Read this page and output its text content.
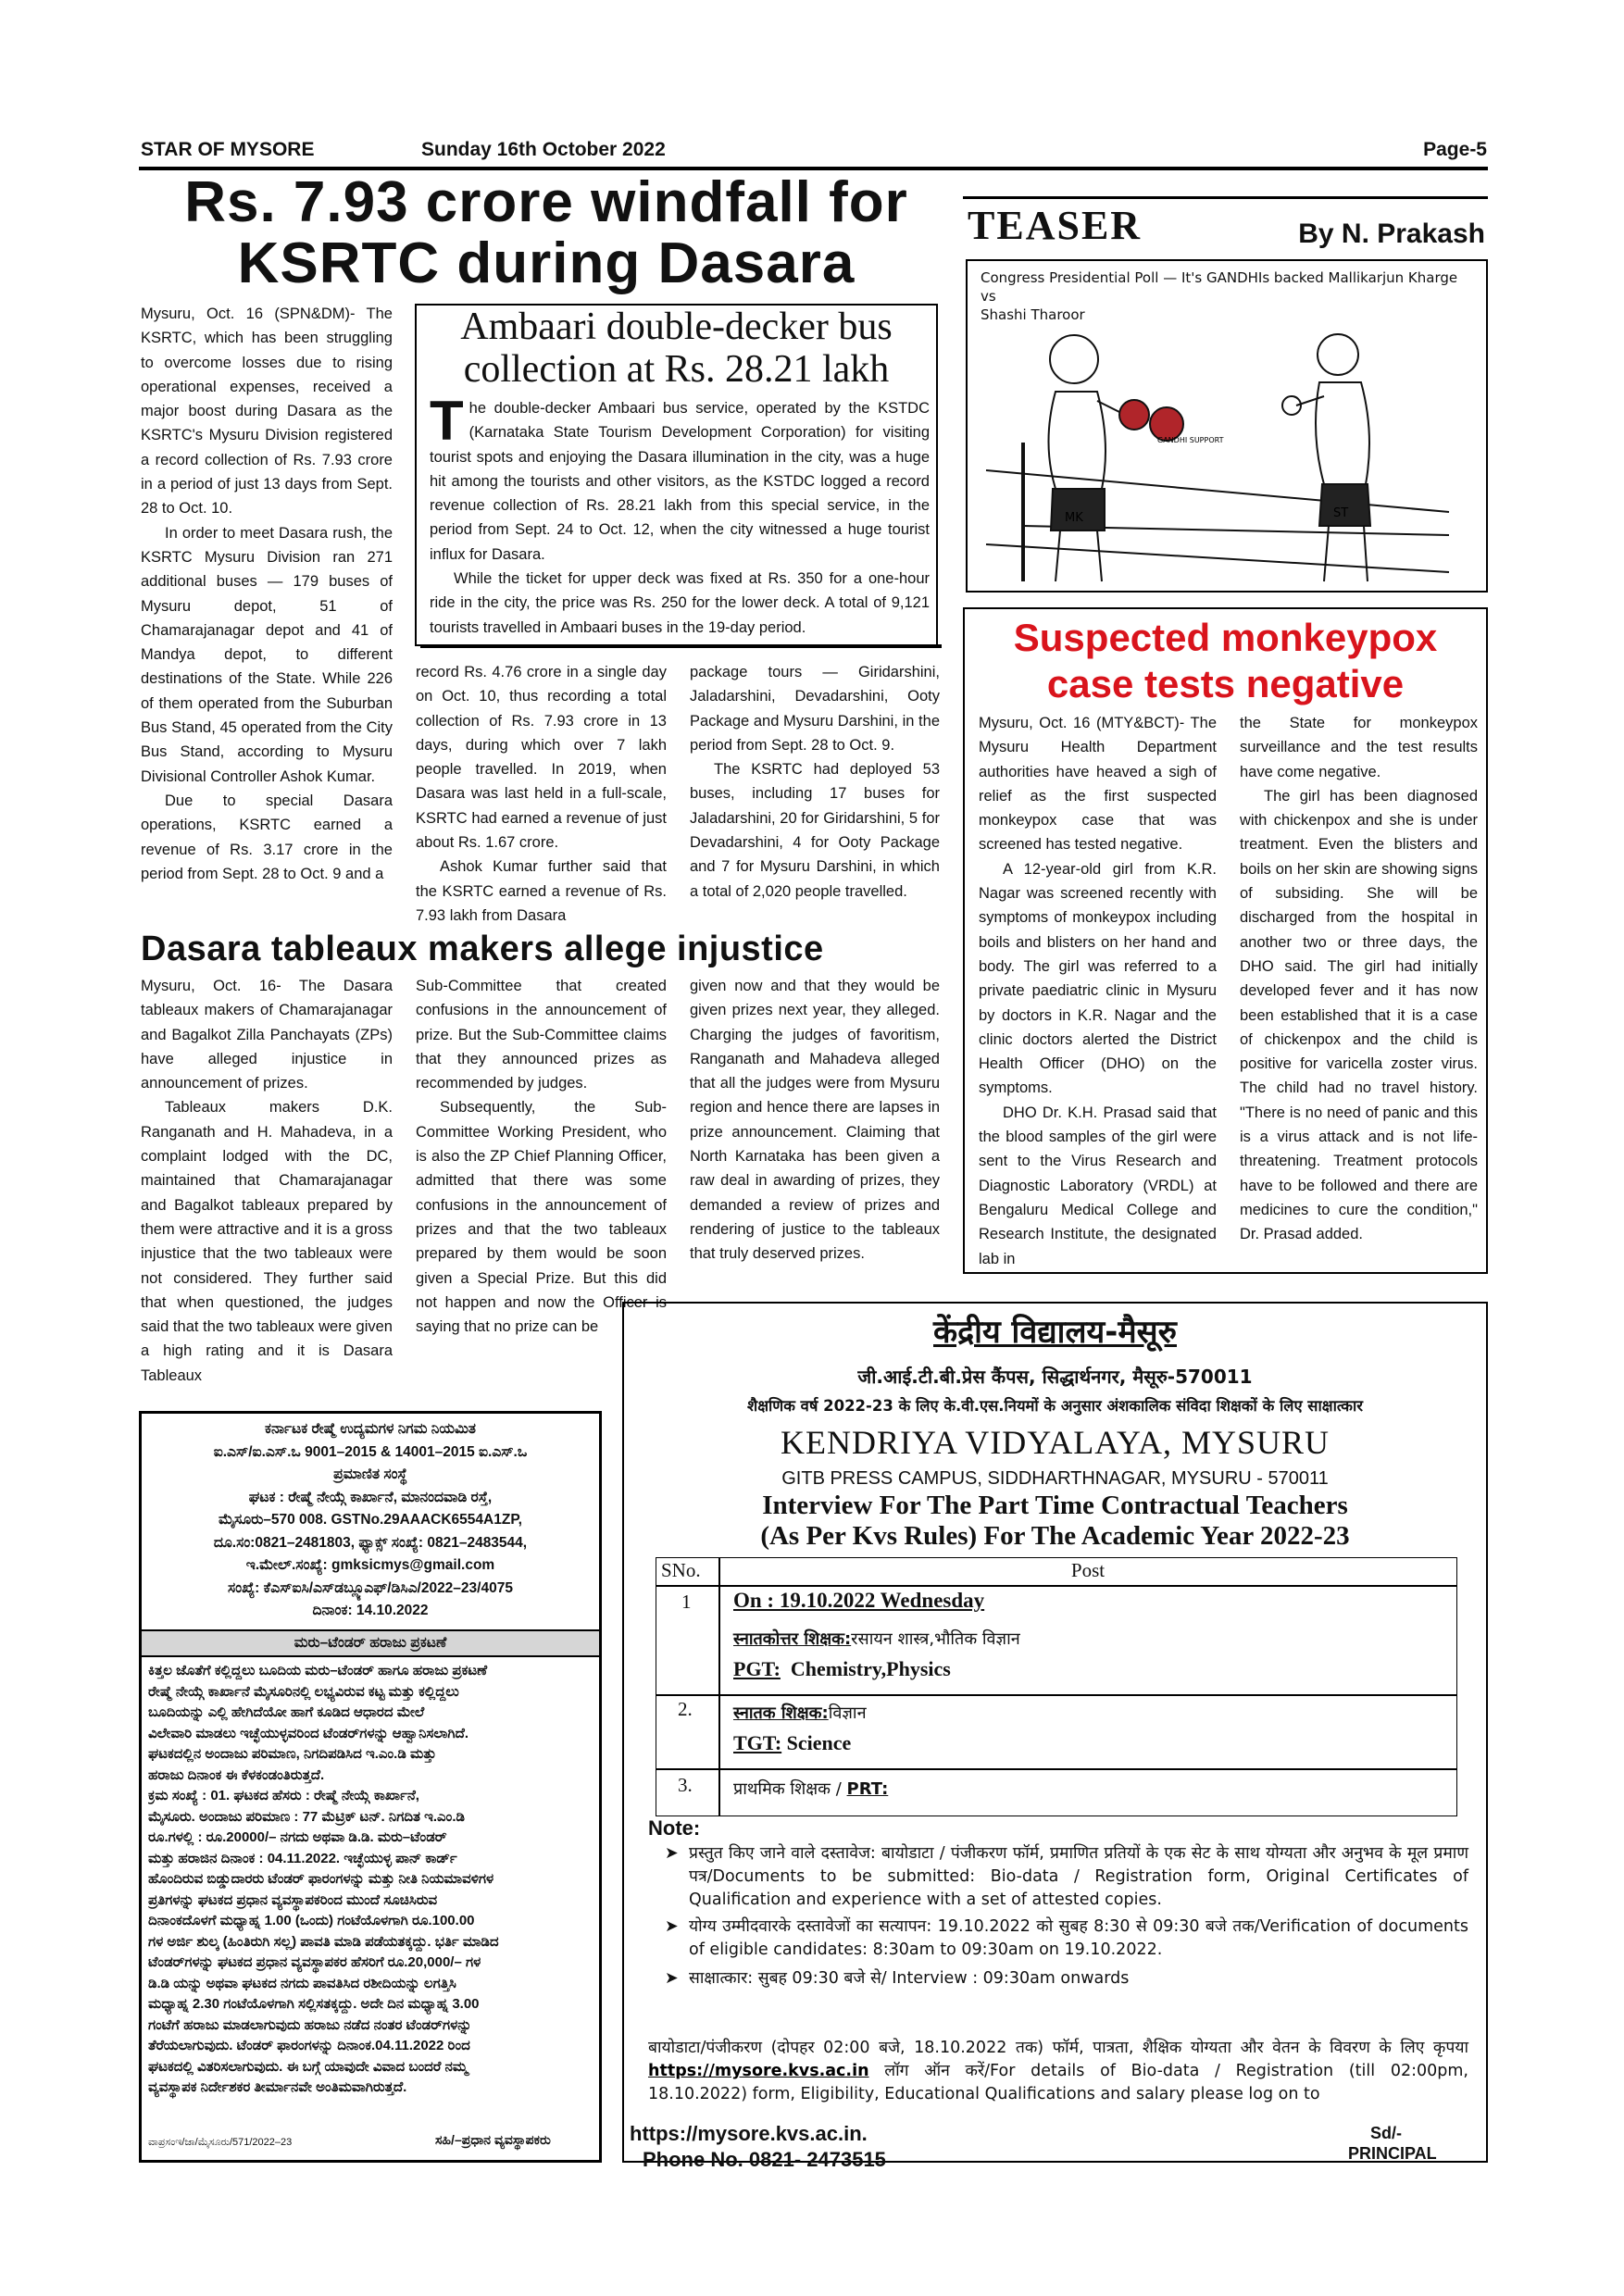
STAR OF MYSORE	Sunday 16th October 2022	Page-5
Rs. 7.93 crore windfall for
KSRTC during Dasara

Mysuru, Oct. 16 (SPN&DM)- The KSRTC, which has been struggling to overcome losses due to rising operational expenses, received a major boost during Dasara as the KSRTC's Mysuru Division registered a record collection of Rs. 7.93 crore in a period of just 13 days from Sept. 28 to Oct. 10.

In order to meet Dasara rush, the KSRTC Mysuru Division ran 271 additional buses — 179 buses of Mysuru depot, 51 of Chamarajanagar depot and 41 of Mandya depot, to different destinations of the State. While 226 of them operated from the Suburban Bus Stand, 45 operated from the City Bus Stand, according to Mysuru Divisional Controller Ashok Kumar.

Due to special Dasara operations, KSRTC earned a revenue of Rs. 3.17 crore in the period from Sept. 28 to Oct. 9 and a

Ambaari double-decker bus
collection at Rs. 28.21 lakh

The double-decker Ambaari bus service, operated by the KSTDC (Karnataka State Tourism Development Corporation) for visiting tourist spots and enjoying the Dasara illumination in the city, was a huge hit among the tourists and other visitors, as the KSTDC logged a record revenue collection of Rs. 28.21 lakh from this special service, in the period from Sept. 24 to Oct. 12, when the city witnessed a huge tourist influx for Dasara.

While the ticket for upper deck was fixed at Rs. 350 for a one-hour ride in the city, the price was Rs. 250 for the lower deck. A total of 9,121 tourists travelled in Ambaari buses in the 19-day period.

record Rs. 4.76 crore in a single day on Oct. 10, thus recording a total collection of Rs. 7.93 crore in 13 days, during which over 7 lakh people travelled. In 2019, when Dasara was last held in a full-scale, KSRTC had earned a revenue of just about Rs. 1.67 crore.

Ashok Kumar further said that the KSRTC earned a revenue of Rs. 7.93 lakh from Dasara

package tours — Giridarshini, Jaladarshini, Devadarshini, Ooty Package and Mysuru Darshini, in the period from Sept. 28 to Oct. 9.

The KSRTC had deployed 53 buses, including 17 buses for Jaladarshini, 20 for Giridarshini, 5 for Devadarshini, 4 for Ooty Package and 7 for Mysuru Darshini, in which a total of 2,020 people travelled.

Dasara tableaux makers allege injustice

Mysuru, Oct. 16- The Dasara tableaux makers of Chamarajanagar and Bagalkot Zilla Panchayats (ZPs) have alleged injustice in announcement of prizes.

Tableaux makers D.K. Ranganath and H. Mahadeva, in a complaint lodged with the DC, maintained that Chamarajanagar and Bagalkot tableaux prepared by them were attractive and it is a gross injustice that the two tableaux were not considered. They further said that when questioned, the judges said that the two tableaux were given a high rating and it is Dasara Tableaux

Sub-Committee that created confusions in the announcement of prize. But the Sub-Committee claims that they announced prizes as recommended by judges.

Subsequently, the Sub-Committee Working President, who is also the ZP Chief Planning Officer, admitted that there was some confusions in the announcement of prizes and that the two tableaux prepared by them would be soon given a Special Prize. But this did not happen and now the Officer is saying that no prize can be

given now and that they would be given prizes next year, they alleged. Charging the judges of favoritism, Ranganath and Mahadeva alleged that all the judges were from Mysuru region and hence there are lapses in prize announcement. Claiming that North Karnataka has been given a raw deal in awarding of prizes, they demanded a review of prizes and rendering of justice to the tableaux that truly deserved prizes.

TEASER	By N. Prakash
Congress Presidential Poll — It's GANDHIs backed Mallikarjun Kharge vs
Shashi Tharoor
MK	ST
GANDHI SUPPORT
Suspected monkeypox
case tests negative

Mysuru, Oct. 16 (MTY&BCT)- The Mysuru Health Department authorities have heaved a sigh of relief as the first suspected monkeypox case that was screened has tested negative.

A 12-year-old girl from K.R. Nagar was screened recently with symptoms of monkeypox including boils and blisters on her hand and body. The girl was referred to a private paediatric clinic in Mysuru by doctors in K.R. Nagar and the clinic doctors alerted the District Health Officer (DHO) on the symptoms.

DHO Dr. K.H. Prasad said that the blood samples of the girl were sent to the Virus Research and Diagnostic Laboratory (VRDL) at Bengaluru Medical College and Research Institute, the designated lab in

the State for monkeypox surveillance and the test results have come negative.

The girl has been diagnosed with chickenpox and she is under treatment. Even the blisters and boils on her skin are showing signs of subsiding. She will be discharged from the hospital in another two or three days, the DHO said. The girl had initially developed fever and it has now been established that it is a case of chickenpox and the child is positive for varicella zoster virus. The child had no travel history. "There is no need of panic and this is a virus attack and is not life-threatening. Treatment protocols have to be followed and there are medicines to cure the condition," Dr. Prasad added.

ಕರ್ನಾಟಕ ರೇಷ್ಮೆ ಉದ್ಯಮಗಳ ನಿಗಮ ನಿಯಮಿತ
ಐ.ಎಸ್/ಐ.ಎಸ್.ಒ 9001–2015 & 14001–2015 ಐ.ಎಸ್.ಒ
ಪ್ರಮಾಣಿತ ಸಂಸ್ಥೆ
ಘಟಕ : ರೇಷ್ಮೆ ನೇಯ್ಗೆ ಕಾರ್ಖಾನೆ, ಮಾನಂದವಾಡಿ ರಸ್ತೆ,
ಮೈಸೂರು–570 008. GSTNo.29AAACK6554A1ZP,
ದೂ.ಸಂ:0821–2481803, ಫ್ಯಾಕ್ಸ್ ಸಂಖ್ಯೆ: 0821–2483544,
ಇ.ಮೇಲ್.ಸಂಖ್ಯೆ: gmksicmys@gmail.com
ಸಂಖ್ಯೆ: ಕೆಎಸ್ಐಸಿ/ಎಸ್‌ಡಬ್ಲ್ಯೂಎಫ್/ಡಿಸಿಎ/2022–23/4075
ದಿನಾಂಕ: 14.10.2022
ಮರು–ಟೆಂಡರ್ ಹರಾಜು ಪ್ರಕಟಣೆ
ಕಿತ್ತಲ ಜೊತೆಗೆ ಕಲ್ಲಿದ್ದಲು ಬೂದಿಯ ಮರು–ಟೆಂಡರ್ ಹಾಗೂ ಹರಾಜು ಪ್ರಕಟಣೆ
ರೇಷ್ಮೆ ನೇಯ್ಗೆ ಕಾರ್ಖಾನೆ ಮೈಸೂರಿನಲ್ಲಿ ಲಭ್ಯವಿರುವ ಕಟ್ಟ ಮತ್ತು ಕಲ್ಲಿದ್ದಲು
ಬೂದಿಯನ್ನು ಎಲ್ಲಿ ಹೇಗಿದೆಯೋ ಹಾಗೆ ಕೂಡಿದ ಆಧಾರದ ಮೇಲೆ
ವಿಲೇವಾರಿ ಮಾಡಲು ಇಚ್ಛೆಯುಳ್ಳವರಿಂದ ಟೆಂಡರ್‌ಗಳನ್ನು ಆಹ್ವಾನಿಸಲಾಗಿದೆ.
ಘಟಕದಲ್ಲಿನ ಅಂದಾಜು ಪರಿಮಾಣ, ನಿಗದಿಪಡಿಸಿದ ಇ.ಎಂ.ಡಿ ಮತ್ತು
ಹರಾಜು ದಿನಾಂಕ ಈ ಕೆಳಕಂಡಂತಿರುತ್ತದೆ.
ಕ್ರಮ ಸಂಖ್ಯೆ : 01. ಘಟಕದ ಹೆಸರು : ರೇಷ್ಮೆ ನೇಯ್ಗೆ ಕಾರ್ಖಾನೆ,
ಮೈಸೂರು. ಅಂದಾಜು ಪರಿಮಾಣ : 77 ಮೆಟ್ರಿಕ್ ಟನ್. ನಿಗದಿತ ಇ.ಎಂ.ಡಿ
ರೂ.ಗಳಲ್ಲಿ : ರೂ.20000/– ನಗದು ಅಥವಾ ಡಿ.ಡಿ. ಮರು–ಟೆಂಡರ್
ಮತ್ತು ಹರಾಜಿನ ದಿನಾಂಕ : 04.11.2022. ಇಚ್ಛೆಯುಳ್ಳ ಪಾನ್ ಕಾರ್ಡ್
ಹೊಂದಿರುವ ಬಿಡ್ಡುದಾರರು ಟೆಂಡರ್ ಫಾರಂಗಳನ್ನು ಮತ್ತು ನೀತಿ ನಿಯಮಾವಳಿಗಳ
ಪ್ರತಿಗಳನ್ನು ಘಟಕದ ಪ್ರಧಾನ ವ್ಯವಸ್ಥಾಪಕರಿಂದ ಮುಂದೆ ಸೂಚಿಸಿರುವ
ದಿನಾಂಕದೊಳಗೆ ಮಧ್ಯಾಹ್ನ 1.00 (ಒಂದು) ಗಂಟೆಯೊಳಗಾಗಿ ರೂ.100.00
ಗಳ ಅರ್ಜಿ ಶುಲ್ಕ (ಹಿಂತಿರುಗಿ ಸಲ್ಲ) ಪಾವತಿ ಮಾಡಿ ಪಡೆಯತಕ್ಕದ್ದು. ಭರ್ತಿ ಮಾಡಿದ
ಟೆಂಡರ್‌ಗಳನ್ನು ಘಟಕದ ಪ್ರಧಾನ ವ್ಯವಸ್ಥಾಪಕರ ಹೆಸರಿಗೆ ರೂ.20,000/– ಗಳ
ಡಿ.ಡಿ ಯನ್ನು ಅಥವಾ ಘಟಕದ ನಗದು ಪಾವತಿಸಿದ ರಶೀದಿಯನ್ನು ಲಗತ್ತಿಸಿ
ಮಧ್ಯಾಹ್ನ 2.30 ಗಂಟೆಯೊಳಗಾಗಿ ಸಲ್ಲಿಸತಕ್ಕದ್ದು. ಅದೇ ದಿನ ಮಧ್ಯಾಹ್ನ 3.00
ಗಂಟೆಗೆ ಹರಾಜು ಮಾಡಲಾಗುವುದು ಹರಾಜು ನಡೆದ ನಂತರ ಟೆಂಡರ್‌ಗಳನ್ನು
ತೆರೆಯಲಾಗುವುದು. ಟೆಂಡರ್ ಫಾರಂಗಳನ್ನು ದಿನಾಂಕ.04.11.2022 ರಿಂದ
ಘಟಕದಲ್ಲಿ ವಿತರಿಸಲಾಗುವುದು. ಈ ಬಗ್ಗೆ ಯಾವುದೇ ವಿವಾದ ಬಂದರೆ ನಮ್ಮ
ವ್ಯವಸ್ಥಾಪಕ ನಿರ್ದೇಶಕರ ತೀರ್ಮಾನವೇ ಅಂತಿಮವಾಗಿರುತ್ತದೆ.
ವಾಪ್ರಸಂಇ/ಜಾ/ಮೈಸೂರು/571/2022–23	ಸಹಿ/–ಪ್ರಧಾನ ವ್ಯವಸ್ಥಾಪಕರು
केंद्रीय विद्यालय-मैसूरु
जी.आई.टी.बी.प्रेस कैंपस, सिद्धार्थनगर, मैसूरु-570011
शैक्षणिक वर्ष 2022-23 के लिए के.वी.एस.नियमों के अनुसार अंशकालिक संविदा शिक्षकों के लिए साक्षात्कार
KENDRIYA VIDYALAYA, MYSURU
GITB PRESS CAMPUS, SIDDHARTHNAGAR, MYSURU - 570011
Interview For The Part Time Contractual Teachers
(As Per Kvs Rules) For The Academic Year 2022-23
SNo.	Post
1 On : 19.10.2022 Wednesday
स्नातकोत्तर शिक्षक:रसायन शास्त्र,भौतिक विज्ञान
PGT: Chemistry,Physics
2. स्नातक शिक्षक:विज्ञान
TGT: Science
3. प्राथमिक शिक्षक / PRT:
Note:
➤ प्रस्तुत किए जाने वाले दस्तावेज: बायोडाटा / पंजीकरण फॉर्म, प्रमाणित प्रतियों के एक सेट के साथ योग्यता और अनुभव के मूल प्रमाण पत्र/Documents to be submitted: Bio-data / Registration form, Original Certificates of Qualification and experience with a set of attested copies.
➤ योग्य उम्मीदवारके दस्तावेजों का सत्यापन: 19.10.2022 को सुबह 8:30 से 09:30 बजे तक/Verification of documents of eligible candidates: 8:30am to 09:30am on 19.10.2022.
➤ साक्षात्कार: सुबह 09:30 बजे से/ Interview : 09:30am onwards
बायोडाटा/पंजीकरण (दोपहर 02:00 बजे, 18.10.2022 तक) फॉर्म, पात्रता, शैक्षिक योग्यता और वेतन के विवरण के लिए कृपया https://mysore.kvs.ac.in लॉग ऑन करें/For details of Bio-data / Registration (till 02:00pm, 18.10.2022) form, Eligibility, Educational Qualifications and salary please log on to
https://mysore.kvs.ac.in.
Phone No. 0821- 2473515
Sd/-
PRINCIPAL
